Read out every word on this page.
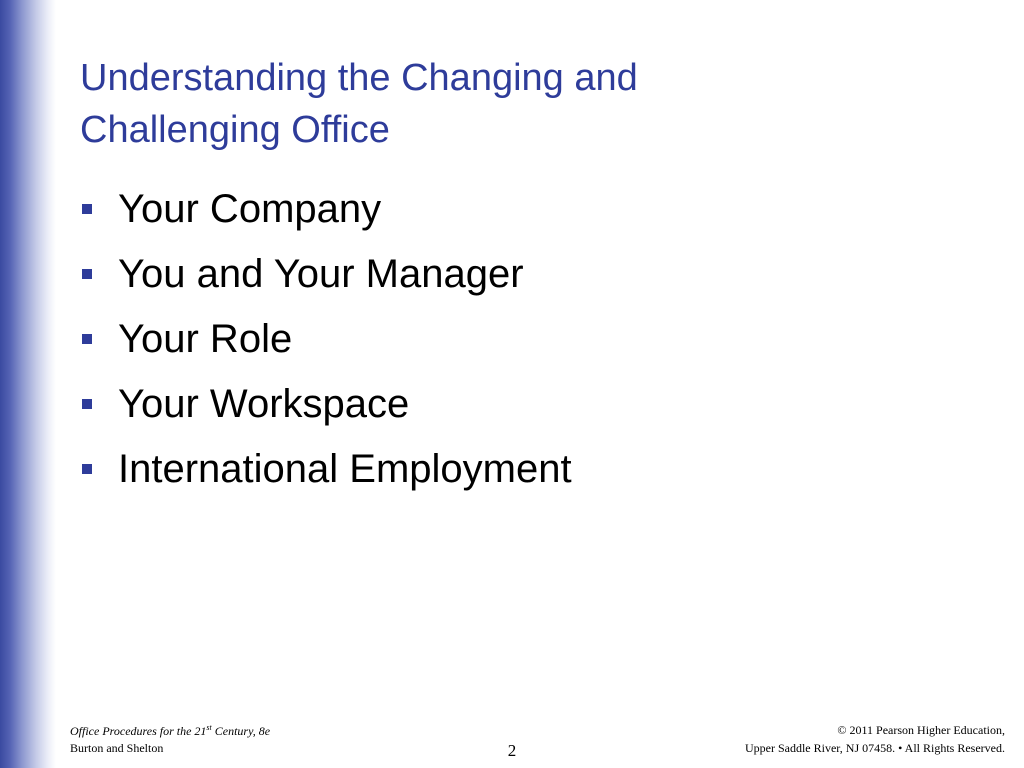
Understanding the Changing and
Challenging Office
Your Company
You and Your Manager
Your Role
Your Workspace
International Employment
Office Procedures for the 21st Century, 8e
Burton and Shelton	2
© 2011 Pearson Higher Education,
Upper Saddle River, NJ 07458. • All Rights Reserved.
